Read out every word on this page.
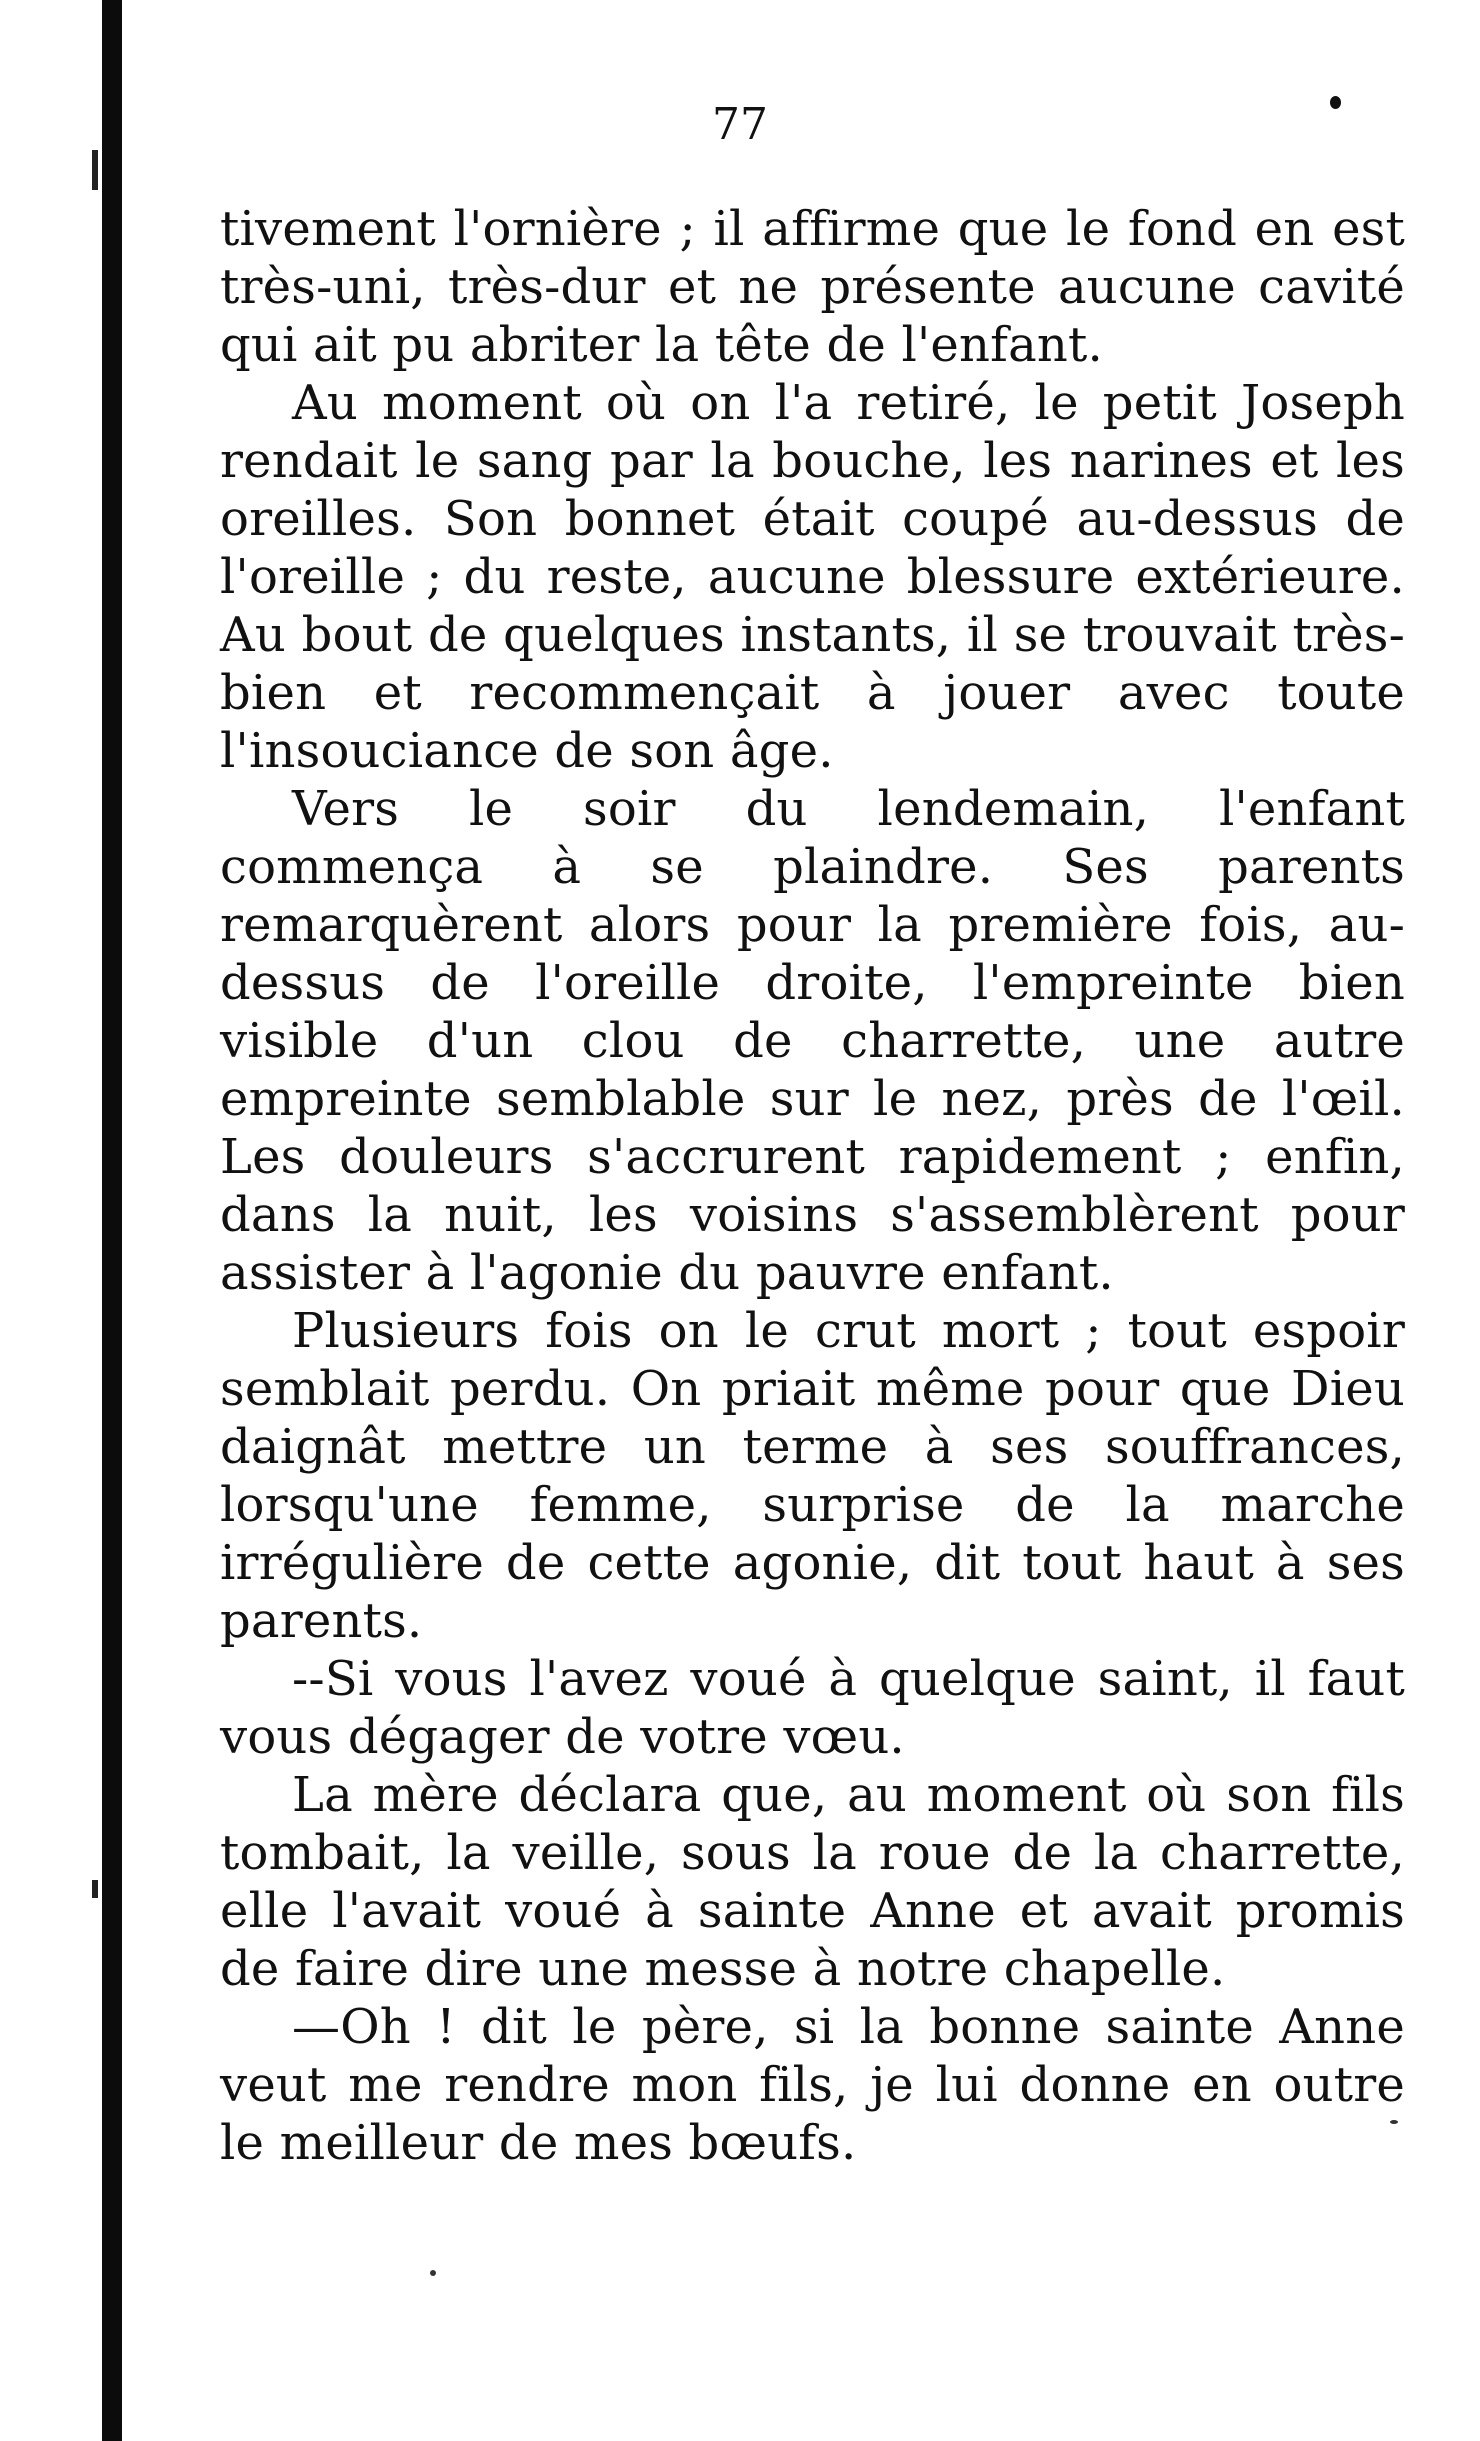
77

tivement l'ornière ; il affirme que le fond en est très-uni, très-dur et ne présente aucune cavité qui ait pu abriter la tête de l'enfant.

Au moment où on l'a retiré, le petit Joseph rendait le sang par la bouche, les narines et les oreilles. Son bonnet était coupé au-dessus de l'oreille ; du reste, aucune blessure extérieure. Au bout de quelques instants, il se trouvait très-bien et recommençait à jouer avec toute l'insouciance de son âge.

Vers le soir du lendemain, l'enfant commença à se plaindre. Ses parents remarquèrent alors pour la première fois, au-dessus de l'oreille droite, l'empreinte bien visible d'un clou de charrette, une autre empreinte semblable sur le nez, près de l'œil. Les douleurs s'accrurent rapidement ; enfin, dans la nuit, les voisins s'assemblèrent pour assister à l'agonie du pauvre enfant.

Plusieurs fois on le crut mort ; tout espoir semblait perdu. On priait même pour que Dieu daignât mettre un terme à ses souffrances, lorsqu'une femme, surprise de la marche irrégulière de cette agonie, dit tout haut à ses parents.

--Si vous l'avez voué à quelque saint, il faut vous dégager de votre vœu.

La mère déclara que, au moment où son fils tombait, la veille, sous la roue de la charrette, elle l'avait voué à sainte Anne et avait promis de faire dire une messe à notre chapelle.

—Oh ! dit le père, si la bonne sainte Anne veut me rendre mon fils, je lui donne en outre le meilleur de mes bœufs.
